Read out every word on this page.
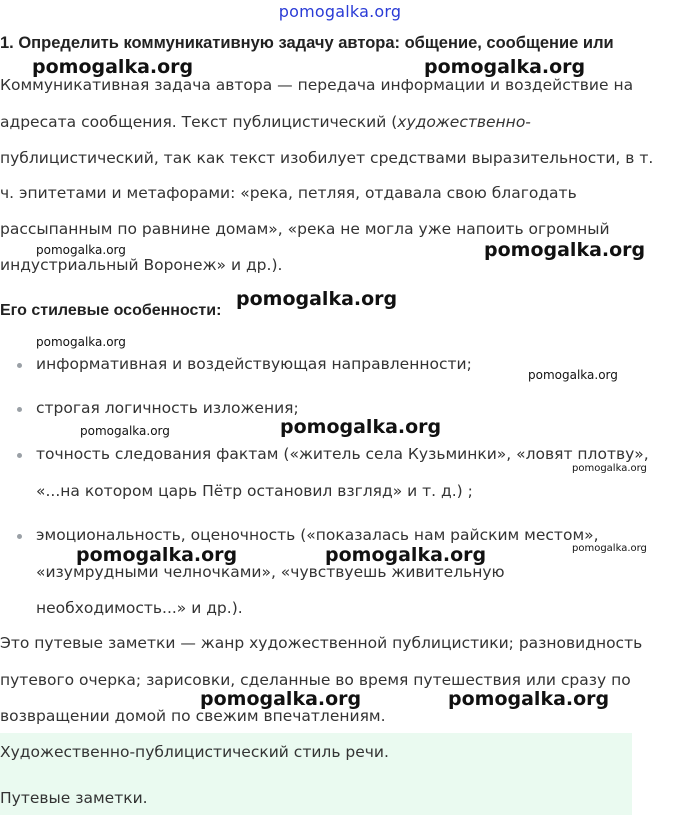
pomogalka.org
1. Определить коммуникативную задачу автора: общение, сообщение или
Коммуникативная задача автора — передача информации и воздействие на
адресата сообщения. Текст публицистический (художественно-
публицистический, так как текст изобилует средствами выразительности, в т.
ч. эпитетами и метафорами: «река, петляя, отдавала свою благодать
рассыпанным по равнине домам», «река не могла уже напоить огромный
индустриальный Воронеж» и др.).
Его стилевые особенности:
информативная и воздействующая направленности;
строгая логичность изложения;
точность следования фактам («житель села Кузьминки», «ловят плотву»,
«...на котором царь Пётр остановил взгляд» и т. д.) ;
эмоциональность, оценочность («показалась нам райским местом»,
«изумрудными челночками», «чувствуешь живительную
необходимость...» и др.).
Это путевые заметки — жанр художественной публицистики; разновидность
путевого очерка; зарисовки, сделанные во время путешествия или сразу по
возвращении домой по свежим впечатлениям.
Художественно-публицистический стиль речи.
Путевые заметки.
pomogalka.org	pomogalka.org
pomogalka.org	pomogalka.org
pomogalka.org
pomogalka.org
pomogalka.org
pomogalka.org	pomogalka.org
pomogalka.org
pomogalka.org	pomogalka.org	pomogalka.org
pomogalka.org	pomogalka.org
